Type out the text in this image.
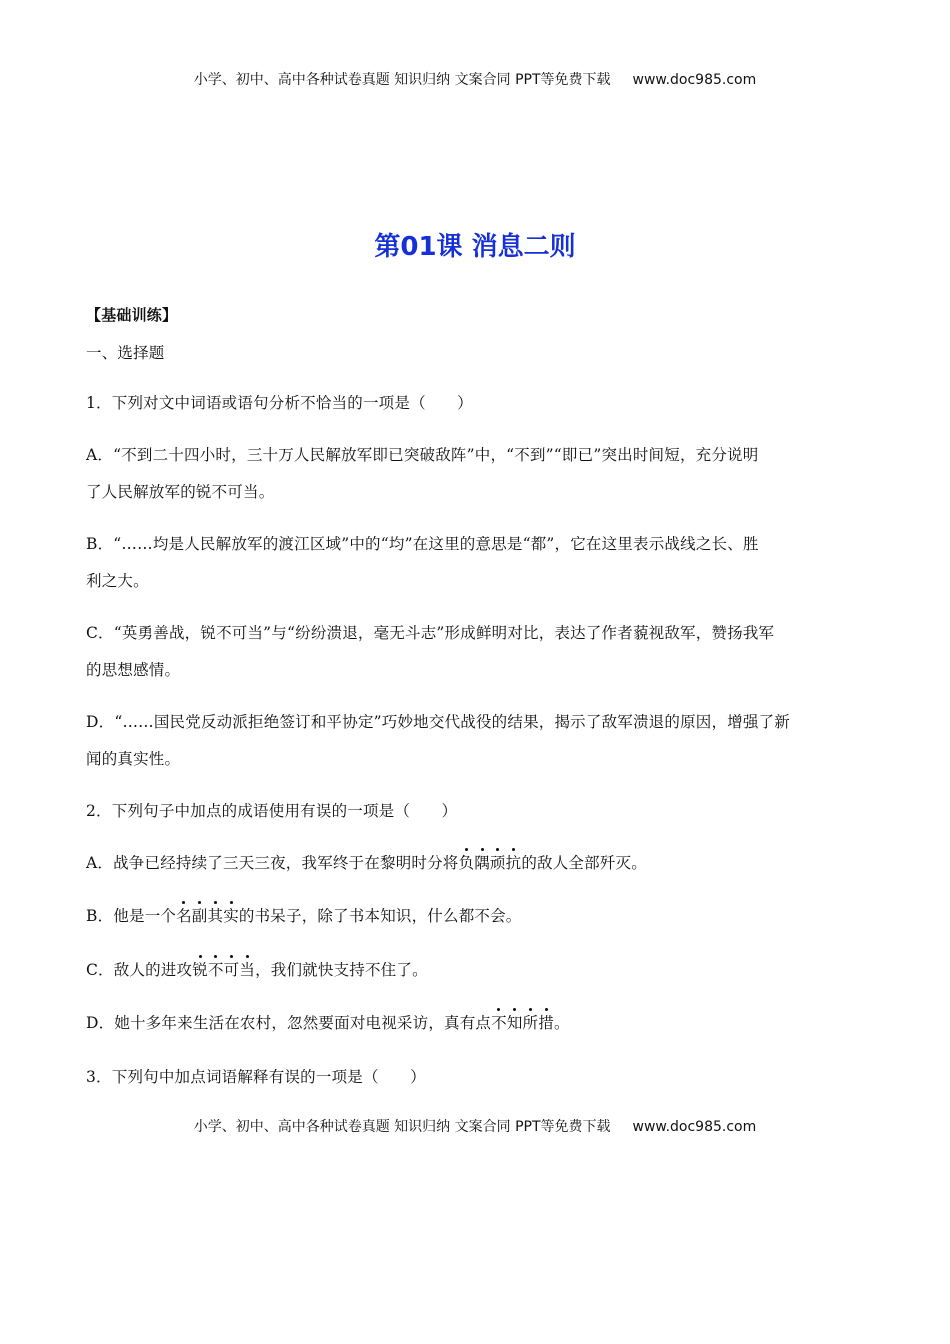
小学、初中、高中各种试卷真题 知识归纳 文案合同 PPT等免费下载 www.doc985.com
第01课 消息二则
【基础训练】
一、选择题
1．下列对文中词语或语句分析不恰当的一项是（　　）
A．“不到二十四小时，三十万人民解放军即已突破敌阵”中，“不到”“即已”突出时间短，充分说明
了人民解放军的锐不可当。
B．“……均是人民解放军的渡江区域”中的“均”在这里的意思是“都”，它在这里表示战线之长、胜
利之大。
C．“英勇善战，锐不可当”与“纷纷溃退，毫无斗志”形成鲜明对比，表达了作者藐视敌军，赞扬我军
的思想感情。
D．“……国民党反动派拒绝签订和平协定”巧妙地交代战役的结果，揭示了敌军溃退的原因，增强了新
闻的真实性。
2．下列句子中加点的成语使用有误的一项是（　　）
A．战争已经持续了三天三夜，我军终于在黎明时分将负隅顽抗的敌人全部歼灭。
B．他是一个名副其实的书呆子，除了书本知识，什么都不会。
C．敌人的进攻锐不可当，我们就快支持不住了。
D．她十多年来生活在农村，忽然要面对电视采访，真有点不知所措。
3．下列句中加点词语解释有误的一项是（　　）
小学、初中、高中各种试卷真题 知识归纳 文案合同 PPT等免费下载 www.doc985.com
